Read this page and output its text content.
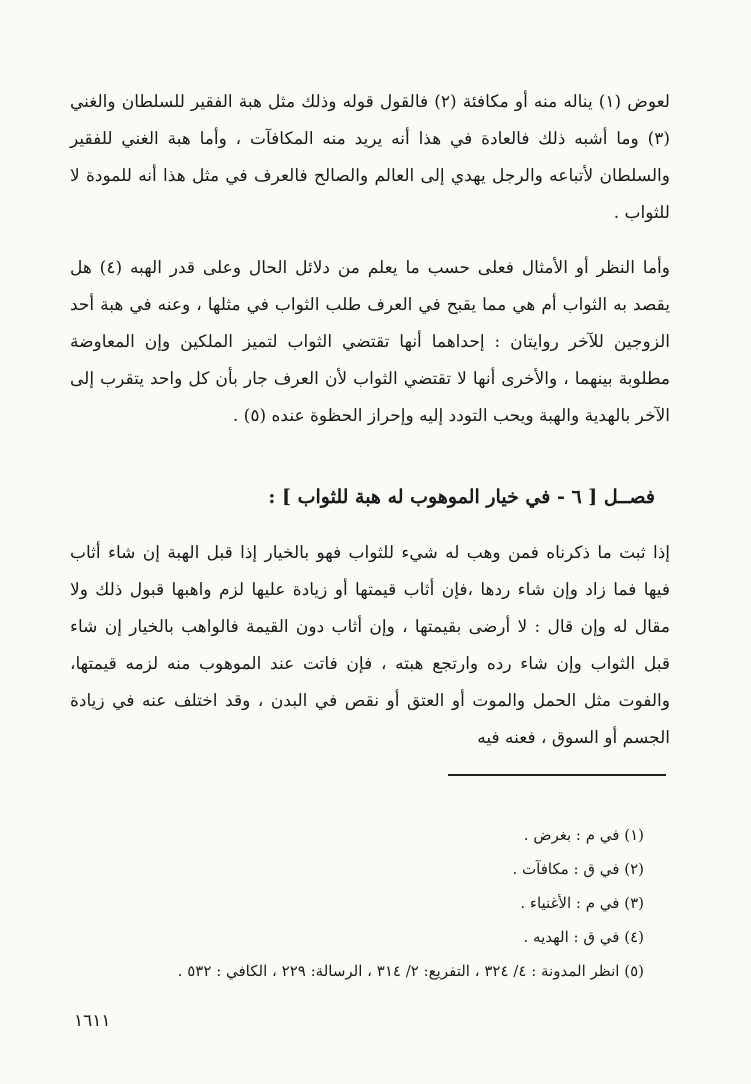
لعوض (١) يناله منه أو مكافئة (٢) فالقول قوله وذلك مثل هبة الفقير للسلطان والغني (٣) وما أشبه ذلك فالعادة في هذا أنه يريد منه المكافآت ، وأما هبة الغني للفقير والسلطان لأتباعه والرجل يهدي إلى العالم والصالح فالعرف في مثل هذا أنه للمودة لا للثواب .

وأما النظر أو الأمثال فعلى حسب ما يعلم من دلائل الحال وعلى قدر الهبه (٤) هل يقصد به الثواب أم هي مما يقبح في العرف طلب الثواب في مثلها ، وعنه في هبة أحد الزوجين للآخر روايتان : إحداهما أنها تقتضي الثواب لتميز الملكين وإن المعاوضة مطلوبة بينهما ، والأخرى أنها لا تقتضي الثواب لأن العرف جار بأن كل واحد يتقرب إلى الآخر بالهدية والهبة ويحب التودد إليه وإحراز الحظوة عنده (٥) .

فصــل [ ٦ - في خيار الموهوب له هبة للثواب ] :

إذا ثبت ما ذكرناه فمن وهب له شيء للثواب فهو بالخيار إذا قبل الهبة إن شاء أثاب فيها فما زاد وإن شاء ردها ،فإن أثاب قيمتها أو زيادة عليها لزم واهبها قبول ذلك ولا مقال له وإن قال : لا أرضى بقيمتها ، وإن أثاب دون القيمة فالواهب بالخيار إن شاء قبل الثواب وإن شاء رده وارتجع هبته ، فإن فاتت عند الموهوب منه لزمه قيمتها، والفوت مثل الحمل والموت أو العتق أو نقص في البدن ، وقد اختلف عنه في زيادة الجسم أو السوق ، فعنه فيه

(١) في م : بغرض .
(٢) في ق : مكافآت .
(٣) في م : الأغنياء .
(٤) في ق : الهديه .
(٥) انظر المدونة : ٤/ ٣٢٤ ، التفريع: ٢/ ٣١٤ ، الرسالة: ٢٢٩ ، الكافي : ٥٣٢ .
١٦١١
